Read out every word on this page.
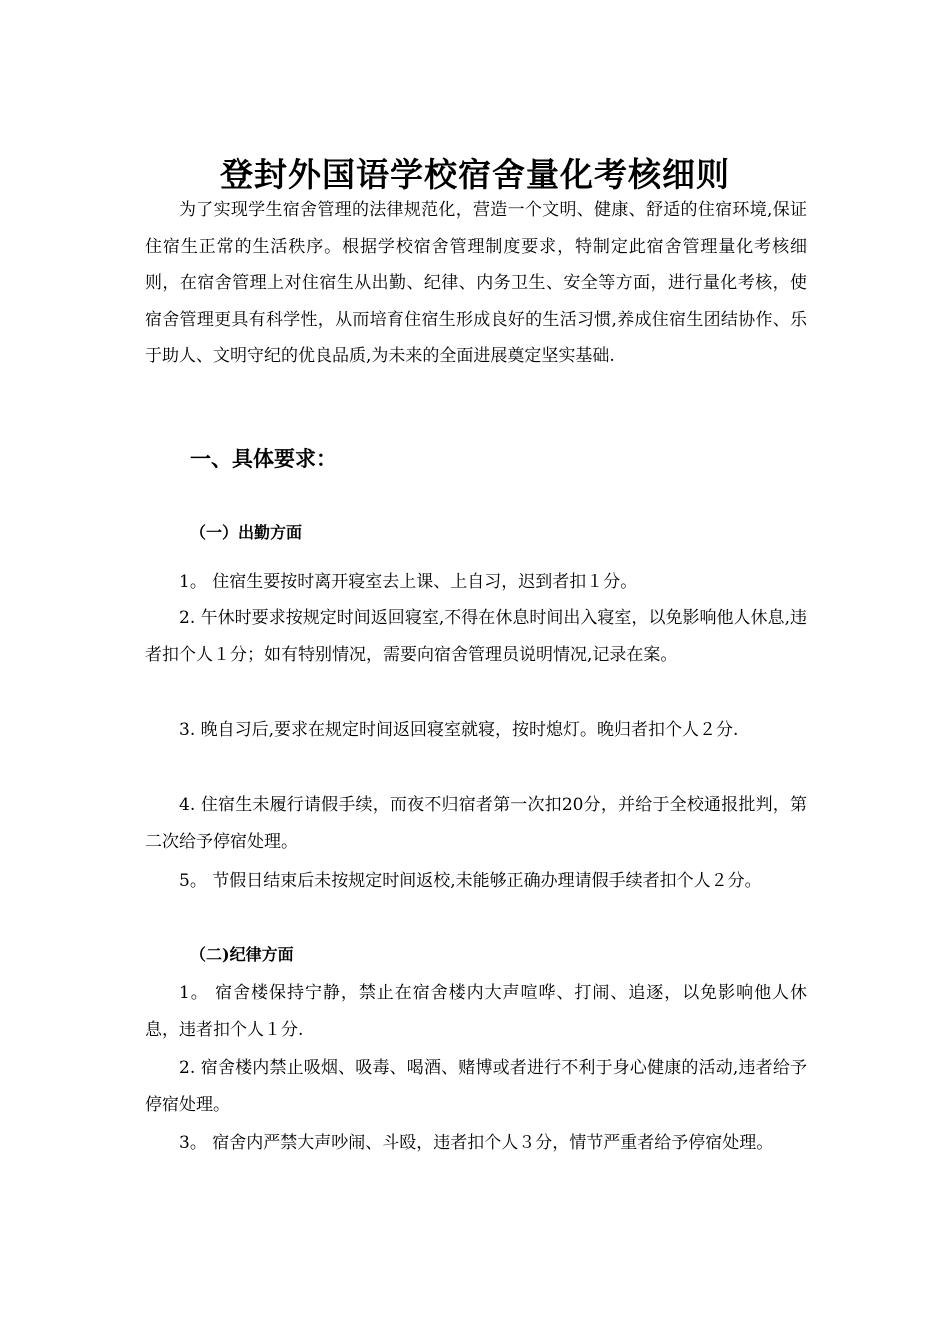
登封外国语学校宿舍量化考核细则

为了实现学生宿舍管理的法律规范化，营造一个文明、健康、舒适的住宿环境,保证住宿生正常的生活秩序。根据学校宿舍管理制度要求，特制定此宿舍管理量化考核细则，在宿舍管理上对住宿生从出勤、纪律、内务卫生、安全等方面，进行量化考核，使宿舍管理更具有科学性，从而培育住宿生形成良好的生活习惯,养成住宿生团结协作、乐于助人、文明守纪的优良品质,为未来的全面进展奠定坚实基础.

一、具体要求：
（一）出勤方面

1。 住宿生要按时离开寝室去上课、上自习，迟到者扣１分。

2. 午休时要求按规定时间返回寝室,不得在休息时间出入寝室，以免影响他人休息,违者扣个人１分；如有特别情况，需要向宿舍管理员说明情况,记录在案。

3. 晚自习后,要求在规定时间返回寝室就寝，按时熄灯。晚归者扣个人２分.

4. 住宿生未履行请假手续，而夜不归宿者第一次扣20分，并给于全校通报批判，第二次给予停宿处理。

5。 节假日结束后未按规定时间返校,未能够正确办理请假手续者扣个人２分。

（二)纪律方面

1。 宿舍楼保持宁静，禁止在宿舍楼内大声喧哗、打闹、追逐，以免影响他人休息，违者扣个人１分.

2. 宿舍楼内禁止吸烟、吸毒、喝酒、赌博或者进行不利于身心健康的活动,违者给予停宿处理。

3。 宿舍内严禁大声吵闹、斗殴，违者扣个人３分，情节严重者给予停宿处理。
